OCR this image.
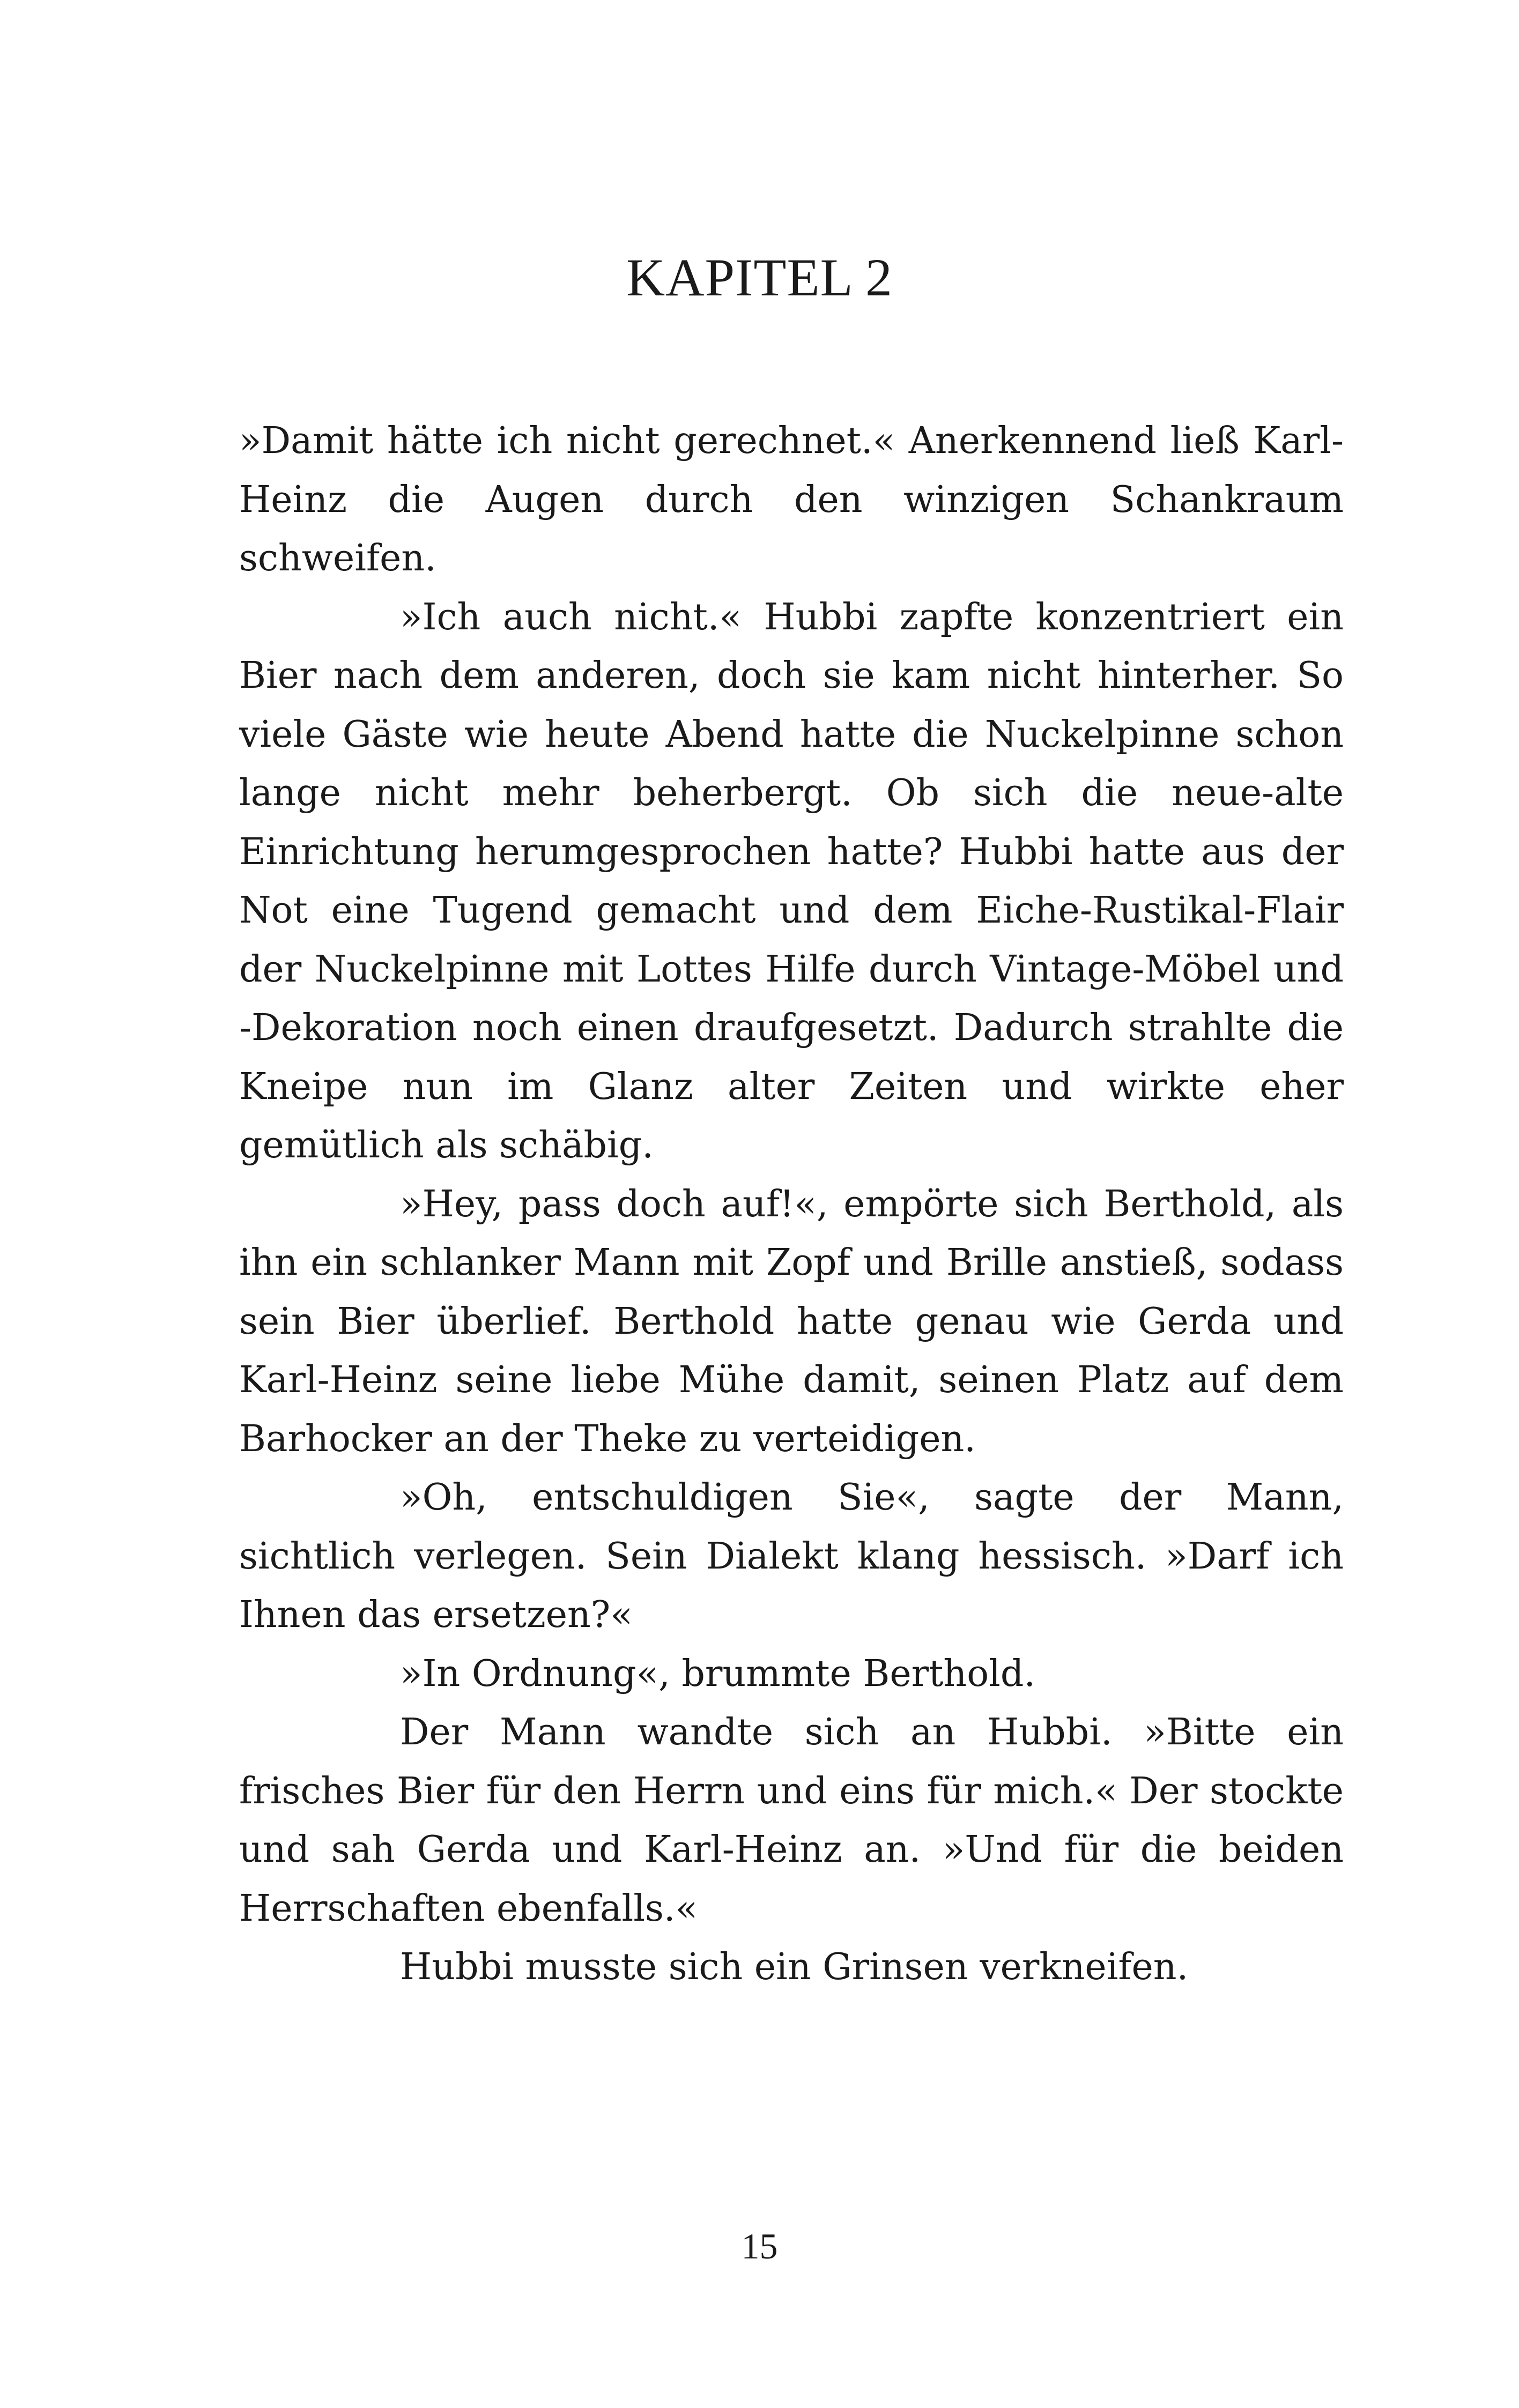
KAPITEL 2

»Damit hätte ich nicht gerechnet.« Anerkennend ließ Karl-Heinz die Augen durch den winzigen Schankraum schweifen.

»Ich auch nicht.« Hubbi zapfte konzentriert ein Bier nach dem anderen, doch sie kam nicht hinterher. So viele Gäste wie heute Abend hatte die Nuckelpinne schon lange nicht mehr beherbergt. Ob sich die neue-alte Einrichtung herumgesprochen hatte? Hubbi hatte aus der Not eine Tugend gemacht und dem Eiche-Rustikal-Flair der Nuckelpinne mit Lottes Hilfe durch Vintage-Möbel und -Dekoration noch einen draufgesetzt. Dadurch strahlte die Kneipe nun im Glanz alter Zeiten und wirkte eher gemütlich als schäbig.

»Hey, pass doch auf!«, empörte sich Berthold, als ihn ein schlanker Mann mit Zopf und Brille anstieß, sodass sein Bier überlief. Berthold hatte genau wie Gerda und Karl-Heinz seine liebe Mühe damit, seinen Platz auf dem Barhocker an der Theke zu verteidigen.

»Oh, entschuldigen Sie«, sagte der Mann, sichtlich verlegen. Sein Dialekt klang hessisch. »Darf ich Ihnen das ersetzen?«

»In Ordnung«, brummte Berthold.

Der Mann wandte sich an Hubbi. »Bitte ein frisches Bier für den Herrn und eins für mich.« Der stockte und sah Gerda und Karl-Heinz an. »Und für die beiden Herrschaften ebenfalls.«

Hubbi musste sich ein Grinsen verkneifen.

15
